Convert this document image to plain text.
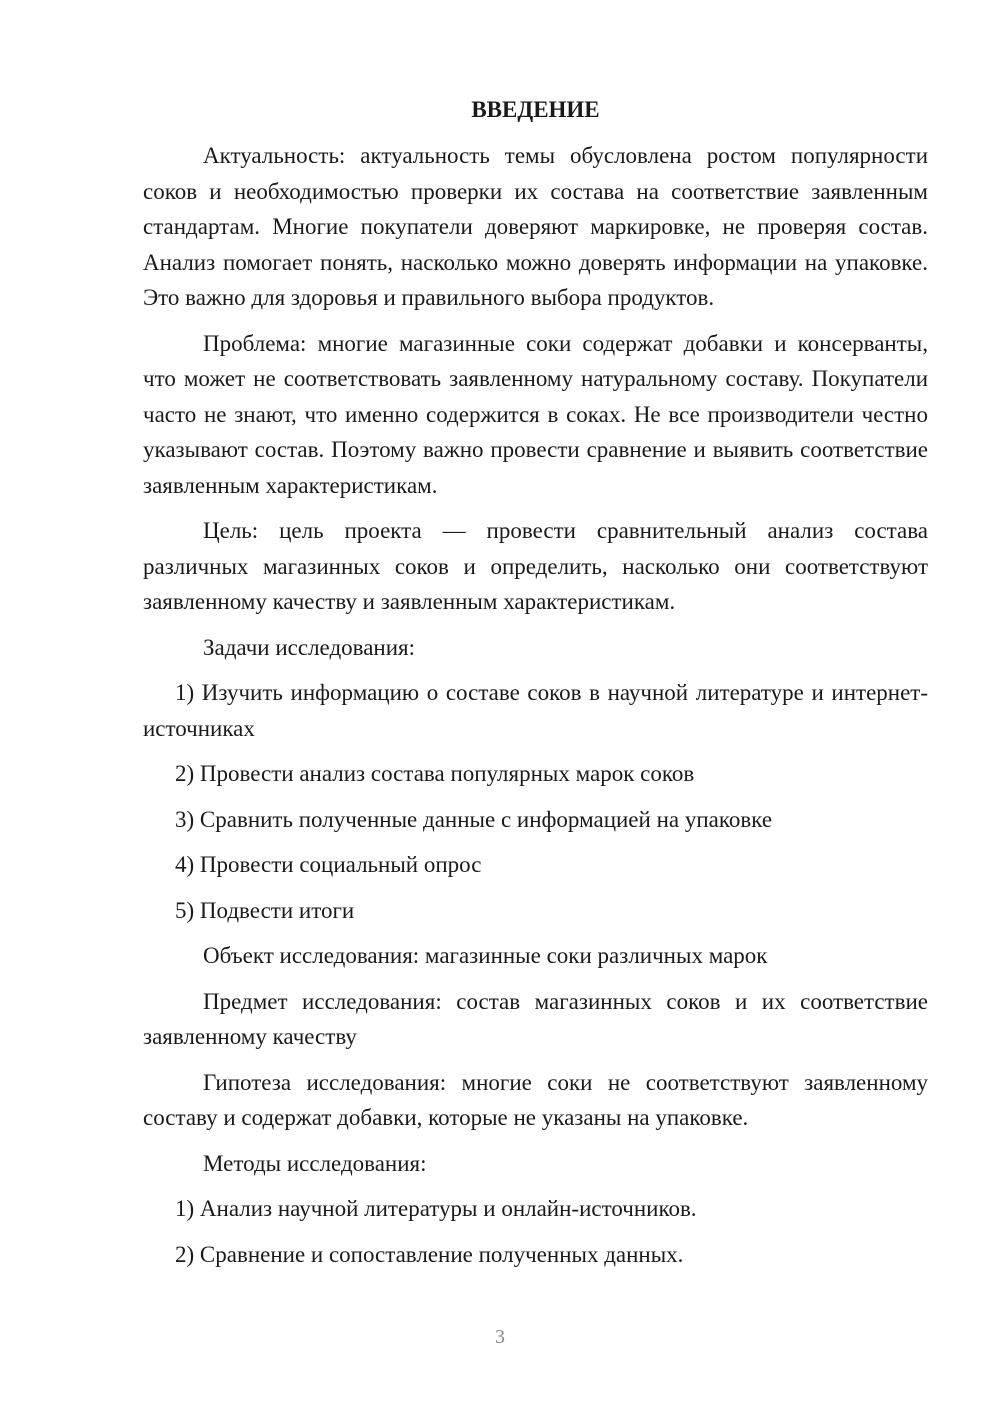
ВВЕДЕНИЕ

Актуальность: актуальность темы обусловлена ростом популярности соков и необходимостью проверки их состава на соответствие заявленным стандартам. Многие покупатели доверяют маркировке, не проверяя состав. Анализ помогает понять, насколько можно доверять информации на упаковке. Это важно для здоровья и правильного выбора продуктов.

Проблема: многие магазинные соки содержат добавки и консерванты, что может не соответствовать заявленному натуральному составу. Покупатели часто не знают, что именно содержится в соках. Не все производители честно указывают состав. Поэтому важно провести сравнение и выявить соответствие заявленным характеристикам.

Цель: цель проекта — провести сравнительный анализ состава различных магазинных соков и определить, насколько они соответствуют заявленному качеству и заявленным характеристикам.

Задачи исследования:

1) Изучить информацию о составе соков в научной литературе и интернет-источниках

2) Провести анализ состава популярных марок соков

3) Сравнить полученные данные с информацией на упаковке

4) Провести социальный опрос

5) Подвести итоги

Объект исследования: магазинные соки различных марок

Предмет исследования: состав магазинных соков и их соответствие заявленному качеству

Гипотеза исследования: многие соки не соответствуют заявленному составу и содержат добавки, которые не указаны на упаковке.

Методы исследования:

1) Анализ научной литературы и онлайн-источников.

2) Сравнение и сопоставление полученных данных.

3
